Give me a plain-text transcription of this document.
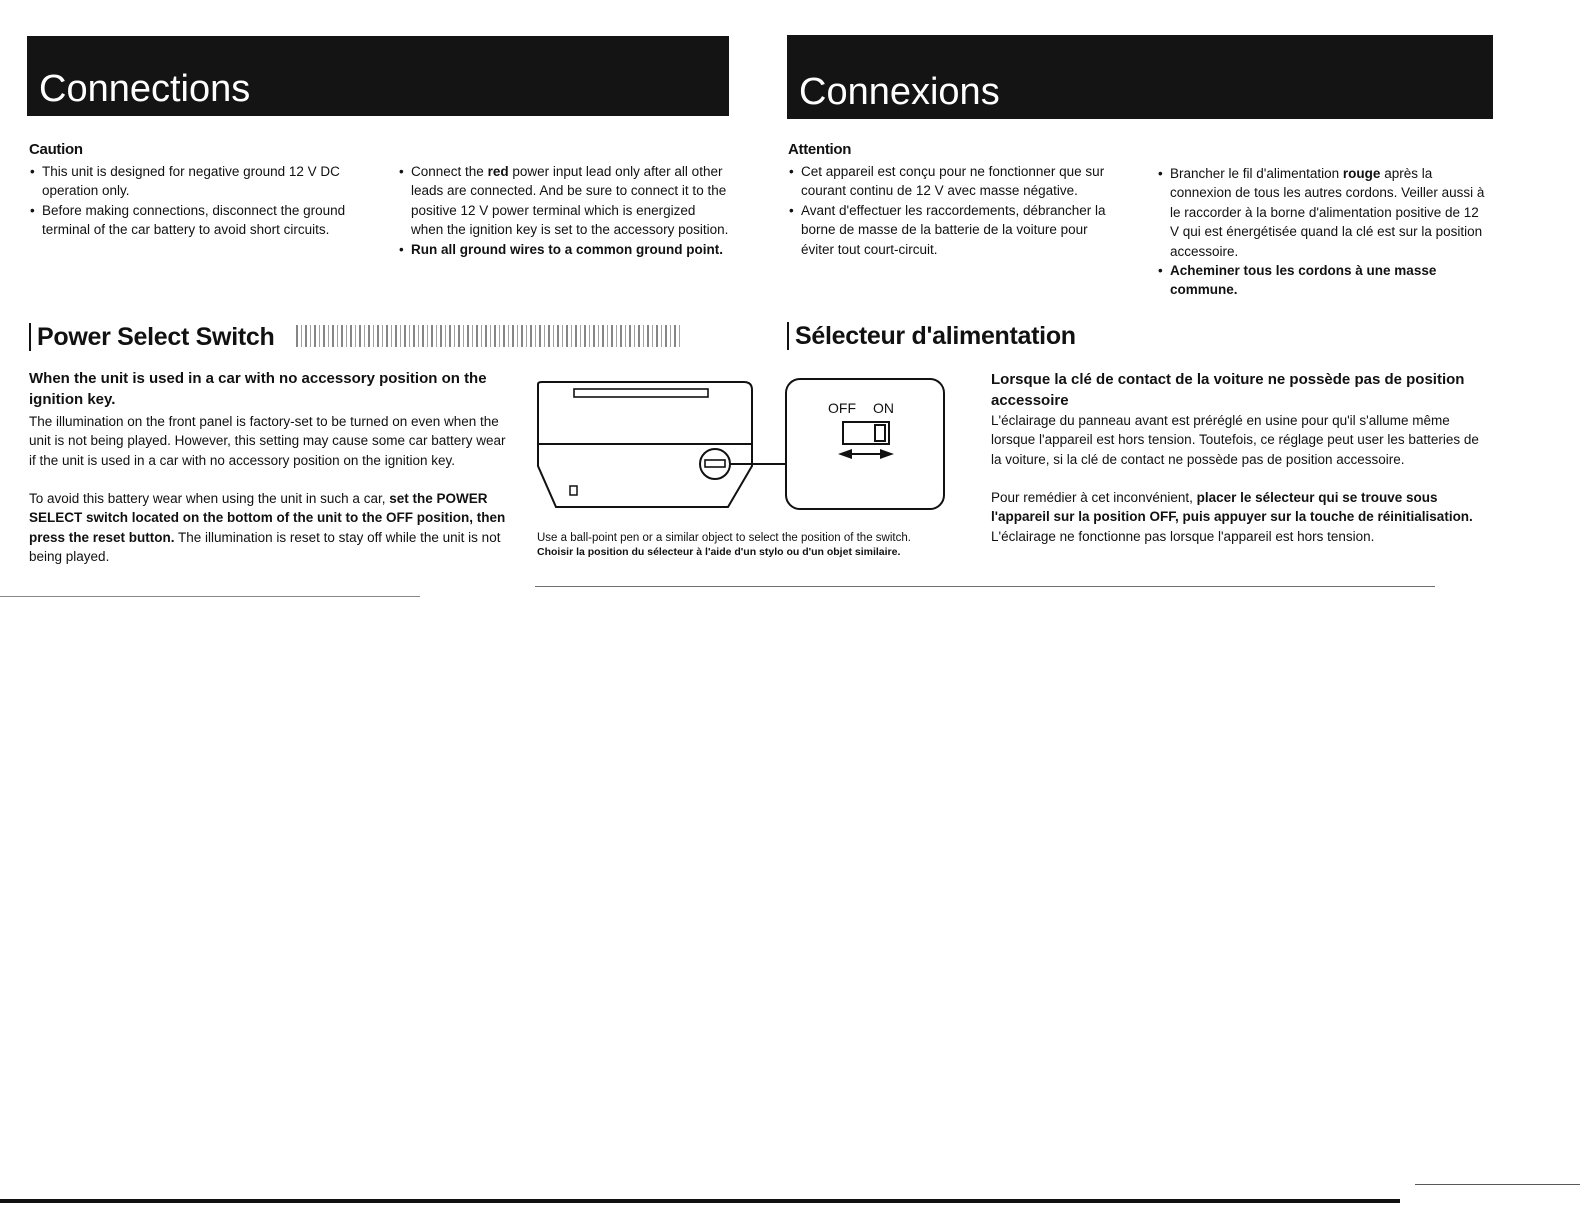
Connections	Connexions
Caution
• This unit is designed for negative ground 12 V DC operation only.
• Before making connections, disconnect the ground terminal of the car battery to avoid short circuits.
• Connect the red power input lead only after all other leads are connected. And be sure to connect it to the positive 12 V power terminal which is energized when the ignition key is set to the accessory position.
• Run all ground wires to a common ground point.
Attention
• Cet appareil est conçu pour ne fonctionner que sur courant continu de 12 V avec masse négative.
• Avant d'effectuer les raccordements, débrancher la borne de masse de la batterie de la voiture pour éviter tout court-circuit.
• Brancher le fil d'alimentation rouge après la connexion de tous les autres cordons. Veiller aussi à le raccorder à la borne d'alimentation positive de 12 V qui est énergétisée quand la clé est sur la position accessoire.
• Acheminer tous les cordons à une masse commune.
Power Select Switch	Sélecteur d'alimentation
When the unit is used in a car with no accessory position on the ignition key.

The illumination on the front panel is factory-set to be turned on even when the unit is not being played. However, this setting may cause some car battery wear if the unit is used in a car with no accessory position on the ignition key.

To avoid this battery wear when using the unit in such a car, set the POWER SELECT switch located on the bottom of the unit to the OFF position, then press the reset button. The illumination is reset to stay off while the unit is not being played.

OFF ON
Use a ball-point pen or a similar object to select the position of the switch.
Choisir la position du sélecteur à l'aide d'un stylo ou d'un objet similaire.
Lorsque la clé de contact de la voiture ne possède pas de position accessoire

L'éclairage du panneau avant est préréglé en usine pour qu'il s'allume même lorsque l'appareil est hors tension. Toutefois, ce réglage peut user les batteries de la voiture, si la clé de contact ne possède pas de position accessoire.

Pour remédier à cet inconvénient, placer le sélecteur qui se trouve sous l'appareil sur la position OFF, puis appuyer sur la touche de réinitialisation. L'éclairage ne fonctionne pas lorsque l'appareil est hors tension.
